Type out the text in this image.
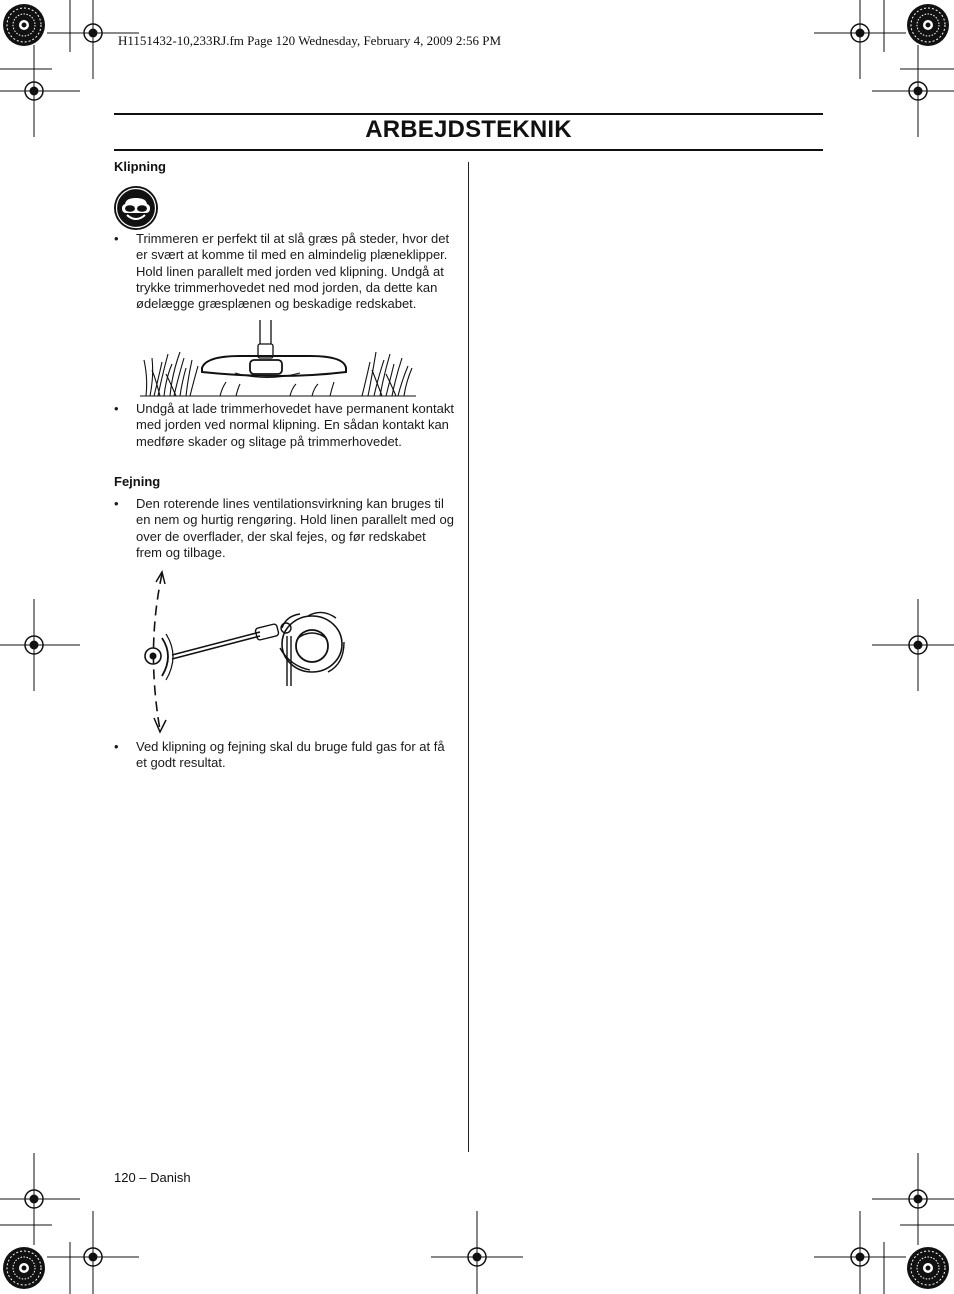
H1151432-10,233RJ.fm Page 120 Wednesday, February 4, 2009 2:56 PM
ARBEJDSTEKNIK
Klipning
• Trimmeren er perfekt til at slå græs på steder, hvor det er svært at komme til med en almindelig plæneklipper. Hold linen parallelt med jorden ved klipning. Undgå at trykke trimmerhovedet ned mod jorden, da dette kan ødelægge græsplænen og beskadige redskabet.
• Undgå at lade trimmerhovedet have permanent kontakt med jorden ved normal klipning. En sådan kontakt kan medføre skader og slitage på trimmerhovedet.
Fejning
• Den roterende lines ventilationsvirkning kan bruges til en nem og hurtig rengøring. Hold linen parallelt med og over de overflader, der skal fejes, og før redskabet frem og tilbage.
• Ved klipning og fejning skal du bruge fuld gas for at få et godt resultat.
120 – Danish
